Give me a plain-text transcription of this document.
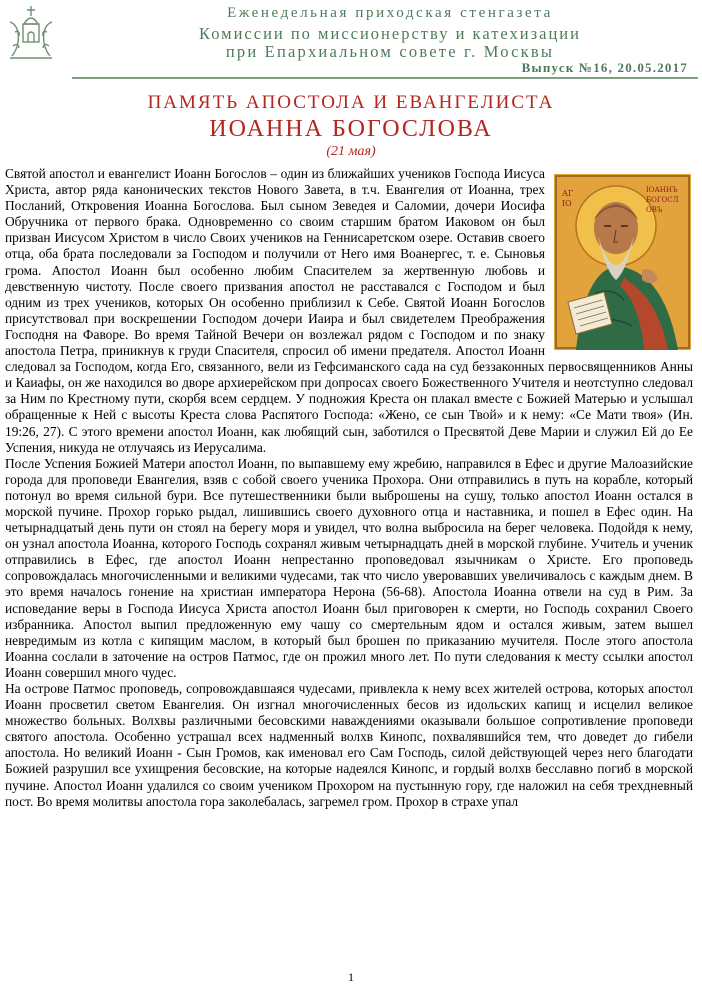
Еженедельная приходская стенгазета
Комиссии по миссионерству и катехизации
при Епархиальном совете г. Москвы
Выпуск №16, 20.05.2017
ПАМЯТЬ АПОСТОЛА И ЕВАНГЕЛИСТА
ИОАННА БОГОСЛОВА
(21 мая)
АГ
IO
IOАННЪ
БОГОСЛ
ОВЪ

Святой апостол и евангелист Иоанн Богослов – один из ближайших учеников Господа Иисуса Христа, автор ряда канонических текстов Нового Завета, в т.ч. Евангелия от Иоанна, трех Посланий, Откровения Иоанна Богослова. Был сыном Зеведея и Саломии, дочери Иосифа Обручника от первого брака. Одновременно со своим старшим братом Иаковом он был призван Иисусом Христом в число Своих учеников на Геннисаретском озере. Оставив своего отца, оба брата последовали за Господом и получили от Него имя Воанергес, т. е. Сыновья грома. Апостол Иоанн был особенно любим Спасителем за жертвенную любовь и девственную чистоту. После своего призвания апостол не расставался с Господом и был одним из трех учеников, которых Он особенно приблизил к Себе. Святой Иоанн Богослов присутствовал при воскрешении Господом дочери Иаира и был свидетелем Преображения Господня на Фаворе. Во время Тайной Вечери он возлежал рядом с Господом и по знаку апостола Петра, приникнув к груди Спасителя, спросил об имени предателя. Апостол Иоанн следовал за Господом, когда Его, связанного, вели из Гефсиманского сада на суд беззаконных первосвященников Анны и Каиафы, он же находился во дворе архиерейском при допросах своего Божественного Учителя и неотступно следовал за Ним по Крестному пути, скорбя всем сердцем. У подножия Креста он плакал вместе с Божией Матерью и услышал обращенные к Ней с высоты Креста слова Распятого Господа: «Жено, се сын Твой» и к нему: «Се Мати твоя» (Ин. 19:26, 27). С этого времени апостол Иоанн, как любящий сын, заботился о Пресвятой Деве Марии и служил Ей до Ее Успения, никуда не отлучаясь из Иерусалима.

После Успения Божией Матери апостол Иоанн, по выпавшему ему жребию, направился в Ефес и другие Малоазийские города для проповеди Евангелия, взяв с собой своего ученика Прохора. Они отправились в путь на корабле, который потонул во время сильной бури. Все путешественники были выброшены на сушу, только апостол Иоанн остался в морской пучине. Прохор горько рыдал, лишившись своего духовного отца и наставника, и пошел в Ефес один. На четырнадцатый день пути он стоял на берегу моря и увидел, что волна выбросила на берег человека. Подойдя к нему, он узнал апостола Иоанна, которого Господь сохранял живым четырнадцать дней в морской глубине. Учитель и ученик отправились в Ефес, где апостол Иоанн непрестанно проповедовал язычникам о Христе. Его проповедь сопровождалась многочисленными и великими чудесами, так что число уверовавших увеличивалось с каждым днем. В это время началось гонение на христиан императора Нерона (56-68). Апостола Иоанна отвели на суд в Рим. За исповедание веры в Господа Иисуса Христа апостол Иоанн был приговорен к смерти, но Господь сохранил Своего избранника. Апостол выпил предложенную ему чашу со смертельным ядом и остался живым, затем вышел невредимым из котла с кипящим маслом, в который был брошен по приказанию мучителя. После этого апостола Иоанна сослали в заточение на остров Патмос, где он прожил много лет. По пути следования к месту ссылки апостол Иоанн совершил много чудес.

На острове Патмос проповедь, сопровождавшаяся чудесами, привлекла к нему всех жителей острова, которых апостол Иоанн просветил светом Евангелия. Он изгнал многочисленных бесов из идольских капищ и исцелил великое множество больных. Волхвы различными бесовскими наваждениями оказывали большое сопротивление проповеди святого апостола. Особенно устрашал всех надменный волхв Кинопс, похвалявшийся тем, что доведет до гибели апостола. Но великий Иоанн - Сын Громов, как именовал его Сам Господь, силой действующей через него благодати Божией разрушил все ухищрения бесовские, на которые надеялся Кинопс, и гордый волхв бесславно погиб в морской пучине. Апостол Иоанн удалился со своим учеником Прохором на пустынную гору, где наложил на себя трехдневный пост. Во время молитвы апостола гора заколебалась, загремел гром. Прохор в страхе упал

1
